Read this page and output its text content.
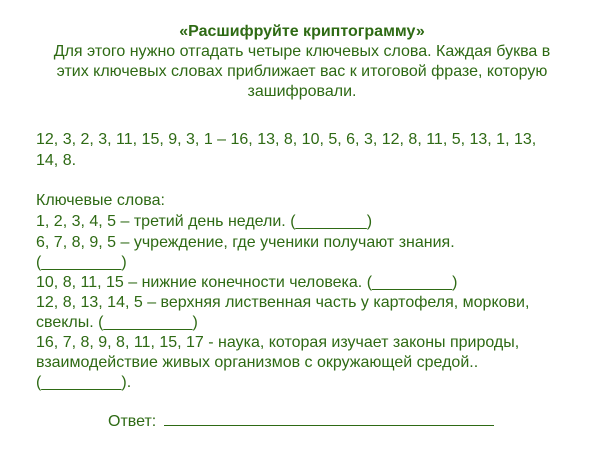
«Расшифруйте криптограмму»
Для этого нужно отгадать четыре ключевых слова. Каждая буква в
этих ключевых словах приближает вас к итоговой фразе, которую
зашифровали.
12, 3, 2, 3, 11, 15, 9, 3, 1 – 16, 13, 8, 10, 5, 6, 3, 12, 8, 11, 5, 13, 1, 13,
14, 8.
Ключевые слова:
1, 2, 3, 4, 5 – третий день недели. (________)
6, 7, 8, 9, 5 – учреждение, где ученики получают знания.
(_________)
10, 8, 11, 15 – нижние конечности человека. (_________)
12, 8, 13, 14, 5 – верхняя лиственная часть у картофеля, моркови,
свеклы. (__________)
16, 7, 8, 9, 8, 11, 15, 17 - наука, которая изучает законы природы,
взаимодействие живых организмов с окружающей средой..
(_________).
Ответ:
